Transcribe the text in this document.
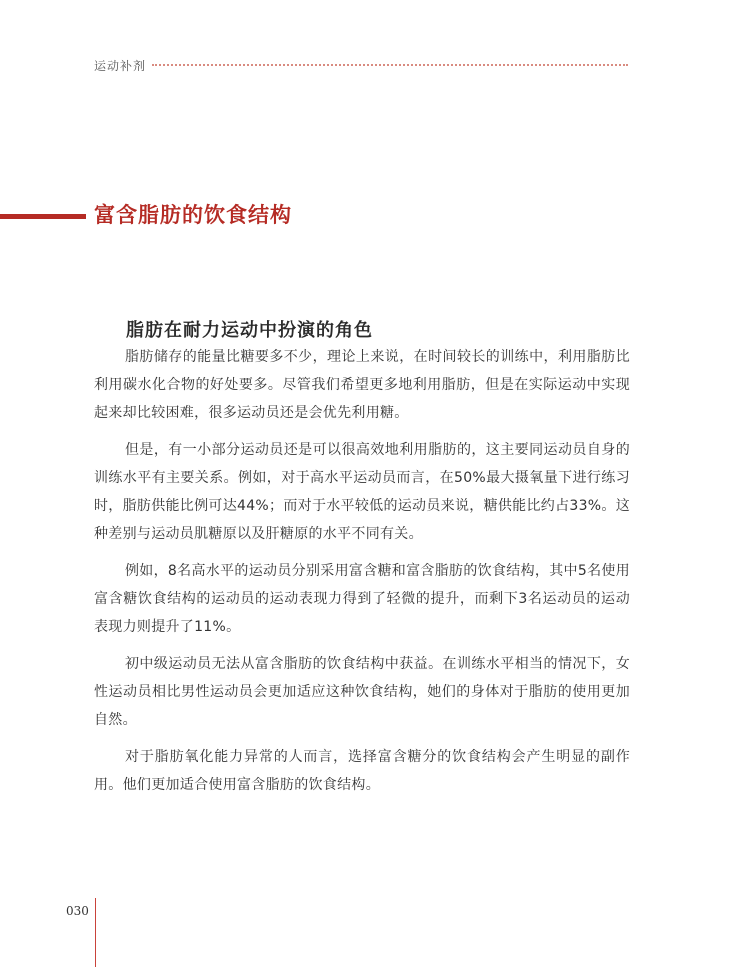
运动补剂
富含脂肪的饮食结构
脂肪在耐力运动中扮演的角色

脂肪储存的能量比糖要多不少，理论上来说，在时间较长的训练中，利用脂肪比利用碳水化合物的好处要多。尽管我们希望更多地利用脂肪，但是在实际运动中实现起来却比较困难，很多运动员还是会优先利用糖。

但是，有一小部分运动员还是可以很高效地利用脂肪的，这主要同运动员自身的训练水平有主要关系。例如，对于高水平运动员而言，在50%最大摄氧量下进行练习时，脂肪供能比例可达44%；而对于水平较低的运动员来说，糖供能比约占33%。这种差别与运动员肌糖原以及肝糖原的水平不同有关。

例如，8名高水平的运动员分别采用富含糖和富含脂肪的饮食结构，其中5名使用富含糖饮食结构的运动员的运动表现力得到了轻微的提升，而剩下3名运动员的运动表现力则提升了11%。

初中级运动员无法从富含脂肪的饮食结构中获益。在训练水平相当的情况下，女性运动员相比男性运动员会更加适应这种饮食结构，她们的身体对于脂肪的使用更加自然。

对于脂肪氧化能力异常的人而言，选择富含糖分的饮食结构会产生明显的副作用。他们更加适合使用富含脂肪的饮食结构。

030
